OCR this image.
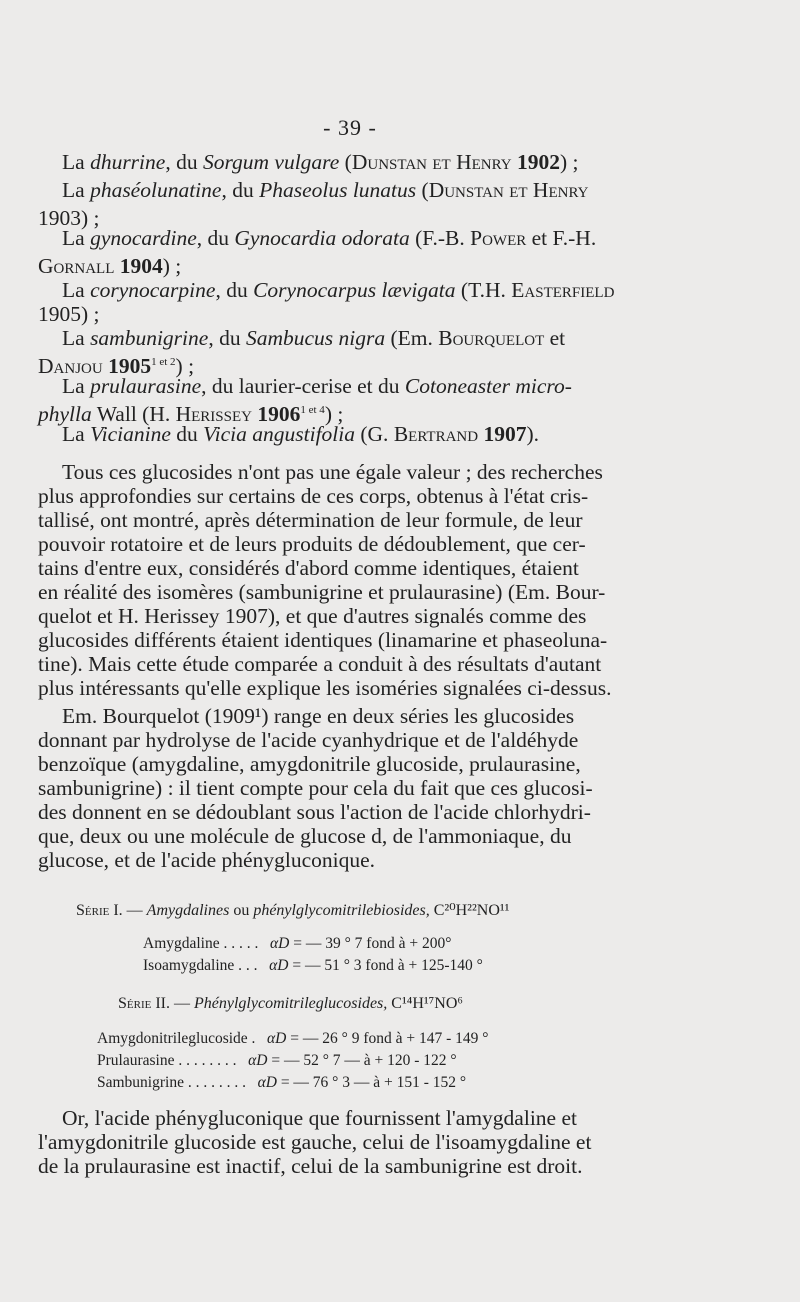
- 39 -
La dhurrine, du Sorgum vulgare (Dunstan et Henry 1902) ;
La phaséolunatine, du Phaseolus lunatus (Dunstan et Henry
1903) ;
La gynocardine, du Gynocardia odorata (F.-B. Power et F.-H.
Gornall 1904) ;
La corynocarpine, du Corynocarpus lævigata (T.H. Easterfield
1905) ;
La sambunigrine, du Sambucus nigra (Em. Bourquelot et
Danjou $1905^{1 et 2}$) ;
La prulaurasine, du laurier-cerise et du Cotoneaster micro-
phylla Wall (H. Herissey $1906^{1 et 4}$) ;
La Vicianine du Vicia angustifolia (G. Bertrand 1907).
Tous ces glucosides n'ont pas une égale valeur ; des recherches
plus approfondies sur certains de ces corps, obtenus à l'état cris-
tallisé, ont montré, après détermination de leur formule, de leur
pouvoir rotatoire et de leurs produits de dédoublement, que cer-
tains d'entre eux, considérés d'abord comme identiques, étaient
en réalité des isomères (sambunigrine et prulaurasine) (Em. Bour-
quelot et H. Herissey 1907), et que d'autres signalés comme des
glucosides différents étaient identiques (linamarine et phaseoluna-
tine). Mais cette étude comparée a conduit à des résultats d'autant
plus intéressants qu'elle explique les isoméries signalées ci-dessus.
Em. Bourquelot (1909¹) range en deux séries les glucosides
donnant par hydrolyse de l'acide cyanhydrique et de l'aldéhyde
benzoïque (amygdaline, amygdonitrile glucoside, prulaurasine,
sambunigrine) : il tient compte pour cela du fait que ces glucosi-
des donnent en se dédoublant sous l'action de l'acide chlorhydri-
que, deux ou une molécule de glucose d, de l'ammoniaque, du
glucose, et de l'acide phénygluconique.
Série I. — Amygdalines ou phénylglycomitrilebiosides, C²⁰H²²NO¹¹
Amygdaline . . . . . αD = — 39 ° 7 fond à + 200°
Isoamygdaline . . . αD = — 51 ° 3 fond à + 125-140 °
Série II. — Phénylglycomitrileglucosides, C¹⁴H¹⁷NO⁶
Amygdonitrileglucoside . αD = — 26 ° 9 fond à + 147 - 149 °
Prulaurasine . . . . . . . . αD = — 52 ° 7 — à + 120 - 122 °
Sambunigrine . . . . . . . . αD = — 76 ° 3 — à + 151 - 152 °
Or, l'acide phénygluconique que fournissent l'amygdaline et
l'amygdonitrile glucoside est gauche, celui de l'isoamygdaline et
de la prulaurasine est inactif, celui de la sambunigrine est droit.
